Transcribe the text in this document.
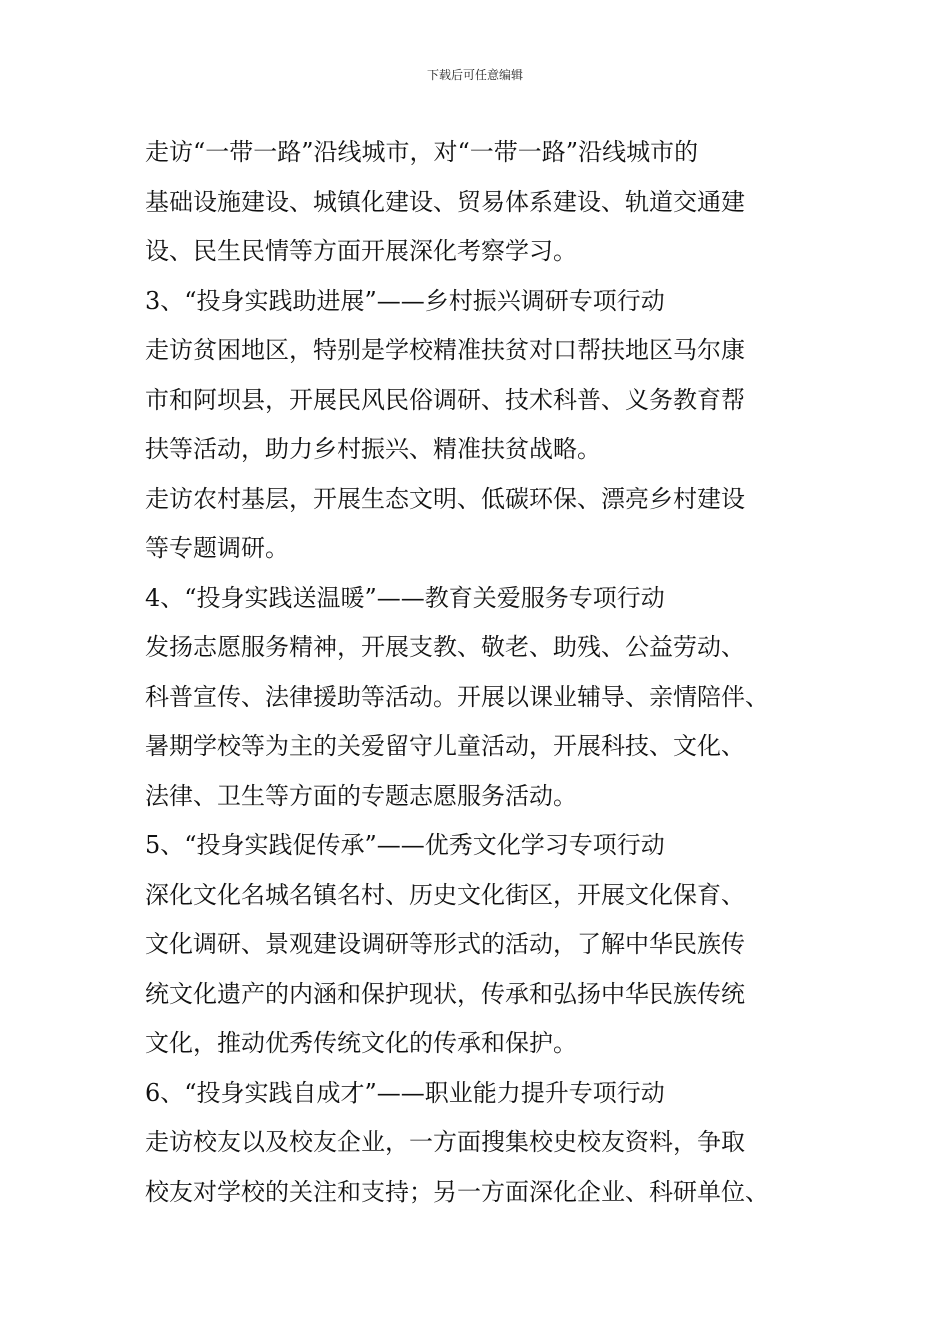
下载后可任意编辑
走访“一带一路”沿线城市，对“一带一路”沿线城市的
基础设施建设、城镇化建设、贸易体系建设、轨道交通建
设、民生民情等方面开展深化考察学习。
3、“投身实践助进展”——乡村振兴调研专项行动
走访贫困地区，特别是学校精准扶贫对口帮扶地区马尔康
市和阿坝县，开展民风民俗调研、技术科普、义务教育帮
扶等活动，助力乡村振兴、精准扶贫战略。
走访农村基层，开展生态文明、低碳环保、漂亮乡村建设
等专题调研。
4、“投身实践送温暖”——教育关爱服务专项行动
发扬志愿服务精神，开展支教、敬老、助残、公益劳动、
科普宣传、法律援助等活动。开展以课业辅导、亲情陪伴、
暑期学校等为主的关爱留守儿童活动，开展科技、文化、
法律、卫生等方面的专题志愿服务活动。
5、“投身实践促传承”——优秀文化学习专项行动
深化文化名城名镇名村、历史文化街区，开展文化保育、
文化调研、景观建设调研等形式的活动，了解中华民族传
统文化遗产的内涵和保护现状，传承和弘扬中华民族传统
文化，推动优秀传统文化的传承和保护。
6、“投身实践自成才”——职业能力提升专项行动
走访校友以及校友企业，一方面搜集校史校友资料，争取
校友对学校的关注和支持；另一方面深化企业、科研单位、
